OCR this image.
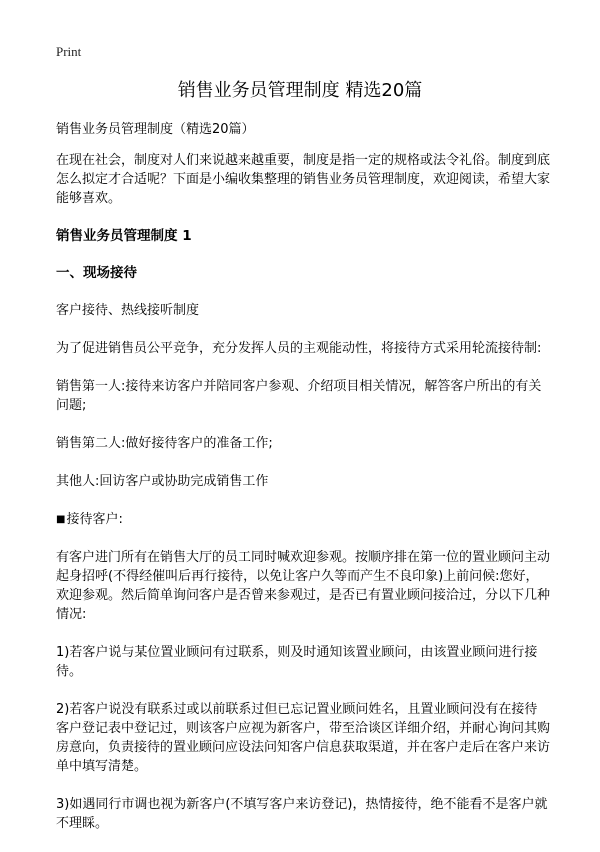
Print
销售业务员管理制度 精选20篇

销售业务员管理制度（精选20篇）

在现在社会，制度对人们来说越来越重要，制度是指一定的规格或法令礼俗。制度到底怎么拟定才合适呢？下面是小编收集整理的销售业务员管理制度，欢迎阅读，希望大家能够喜欢。

销售业务员管理制度 1

一、现场接待

客户接待、热线接听制度

为了促进销售员公平竞争，充分发挥人员的主观能动性，将接待方式采用轮流接待制:

销售第一人:接待来访客户并陪同客户参观、介绍项目相关情况，解答客户所出的有关问题;

销售第二人:做好接待客户的准备工作;

其他人:回访客户或协助完成销售工作

■接待客户:

有客户进门所有在销售大厅的员工同时喊欢迎参观。按顺序排在第一位的置业顾问主动起身招呼(不得经催叫后再行接待，以免让客户久等而产生不良印象)上前问候:您好，欢迎参观。然后简单询问客户是否曾来参观过，是否已有置业顾问接洽过，分以下几种情况:

1)若客户说与某位置业顾问有过联系，则及时通知该置业顾问，由该置业顾问进行接待。

2)若客户说没有联系过或以前联系过但已忘记置业顾问姓名，且置业顾问没有在接待客户登记表中登记过，则该客户应视为新客户，带至洽谈区详细介绍，并耐心询问其购房意向，负责接待的置业顾问应设法问知客户信息获取渠道，并在客户走后在客户来访单中填写清楚。

3)如遇同行市调也视为新客户(不填写客户来访登记)，热情接待，绝不能看不是客户就不理睬。
